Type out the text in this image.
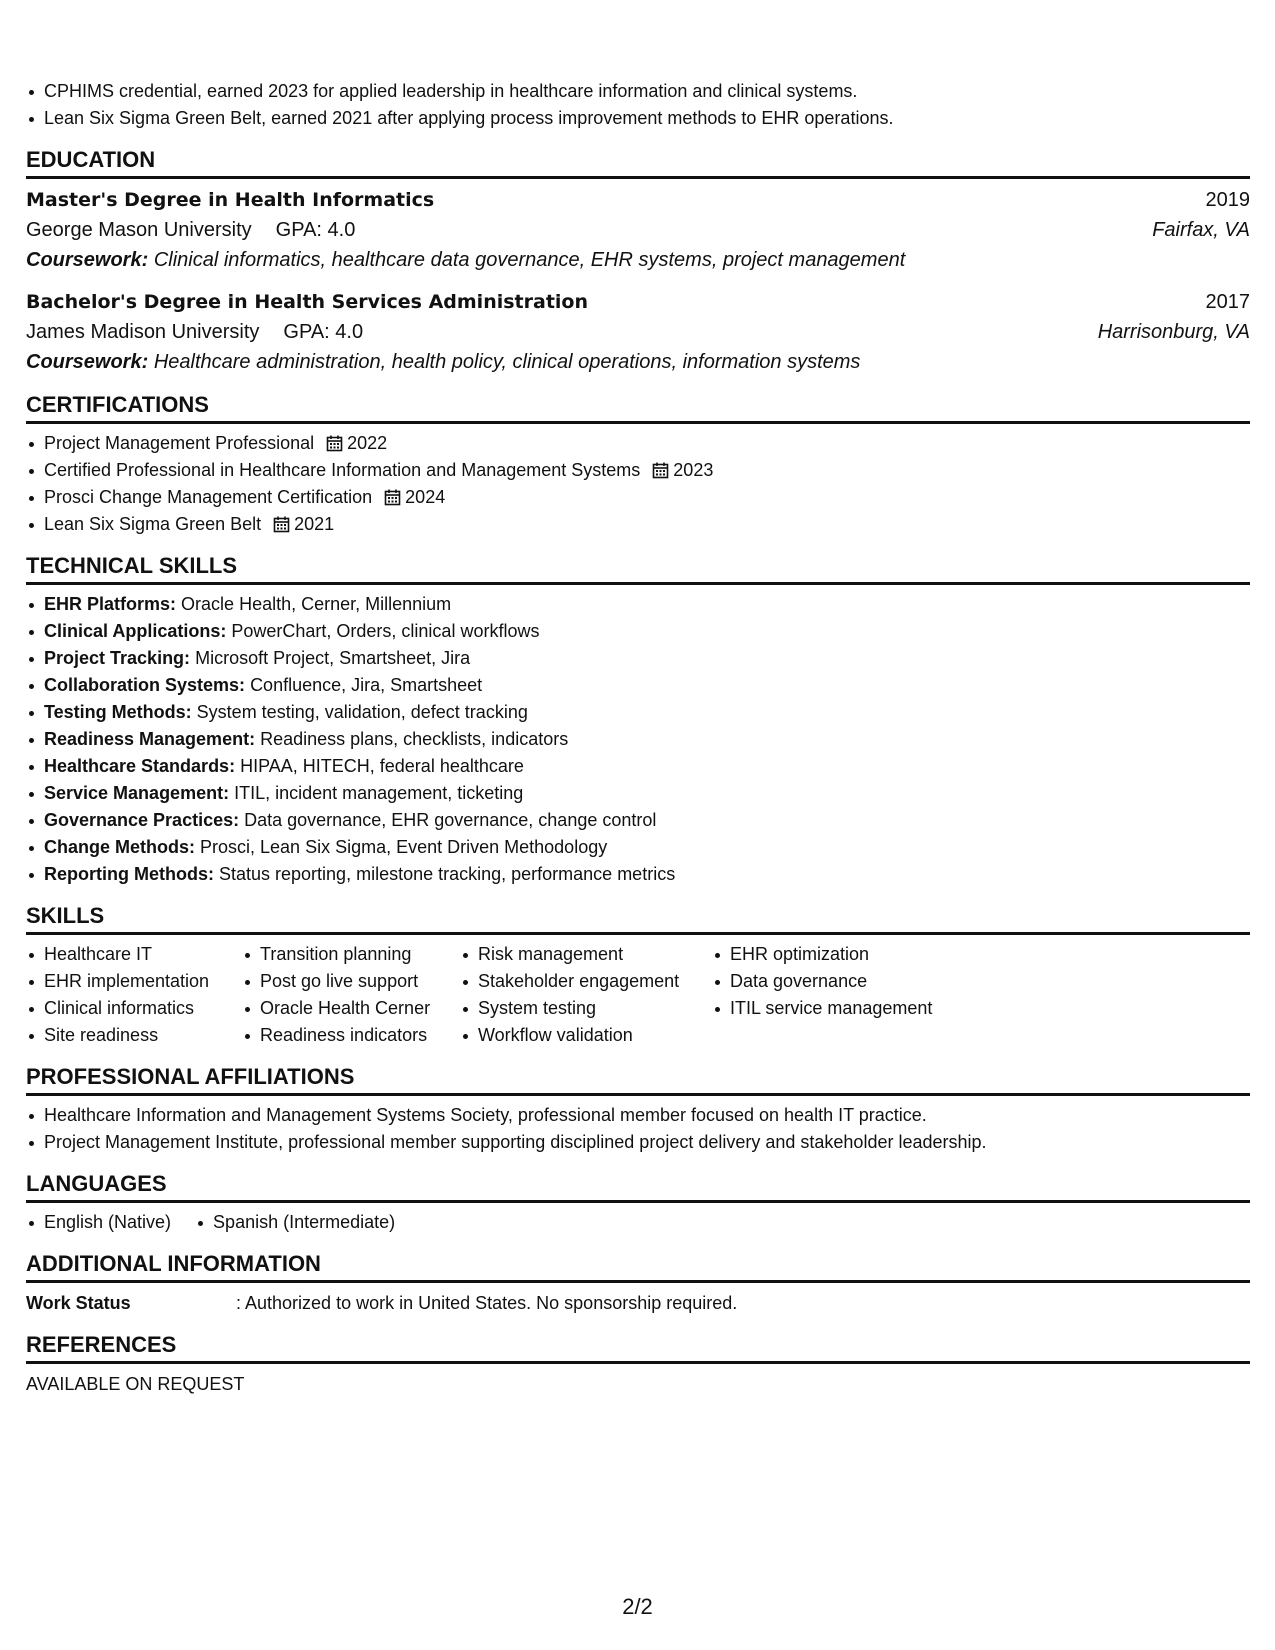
CPHIMS credential, earned 2023 for applied leadership in healthcare information and clinical systems.
Lean Six Sigma Green Belt, earned 2021 after applying process improvement methods to EHR operations.
EDUCATION
Master's Degree in Health Informatics	2019
George Mason University GPA: 4.0	Fairfax, VA
Coursework: Clinical informatics, healthcare data governance, EHR systems, project management
Bachelor's Degree in Health Services Administration	2017
James Madison University GPA: 4.0	Harrisonburg, VA
Coursework: Healthcare administration, health policy, clinical operations, information systems
CERTIFICATIONS
Project Management Professional 2022
Certified Professional in Healthcare Information and Management Systems 2023
Prosci Change Management Certification 2024
Lean Six Sigma Green Belt 2021
TECHNICAL SKILLS
EHR Platforms: Oracle Health, Cerner, Millennium
Clinical Applications: PowerChart, Orders, clinical workflows
Project Tracking: Microsoft Project, Smartsheet, Jira
Collaboration Systems: Confluence, Jira, Smartsheet
Testing Methods: System testing, validation, defect tracking
Readiness Management: Readiness plans, checklists, indicators
Healthcare Standards: HIPAA, HITECH, federal healthcare
Service Management: ITIL, incident management, ticketing
Governance Practices: Data governance, EHR governance, change control
Change Methods: Prosci, Lean Six Sigma, Event Driven Methodology
Reporting Methods: Status reporting, milestone tracking, performance metrics
SKILLS
Healthcare IT
EHR implementation
Clinical informatics
Site readiness
Transition planning
Post go live support
Oracle Health Cerner
Readiness indicators
Risk management
Stakeholder engagement
System testing
Workflow validation
EHR optimization
Data governance
ITIL service management
PROFESSIONAL AFFILIATIONS
Healthcare Information and Management Systems Society, professional member focused on health IT practice.
Project Management Institute, professional member supporting disciplined project delivery and stakeholder leadership.
LANGUAGES
English (Native)	Spanish (Intermediate)
ADDITIONAL INFORMATION
Work Status	: Authorized to work in United States. No sponsorship required.
REFERENCES
AVAILABLE ON REQUEST
2/2
